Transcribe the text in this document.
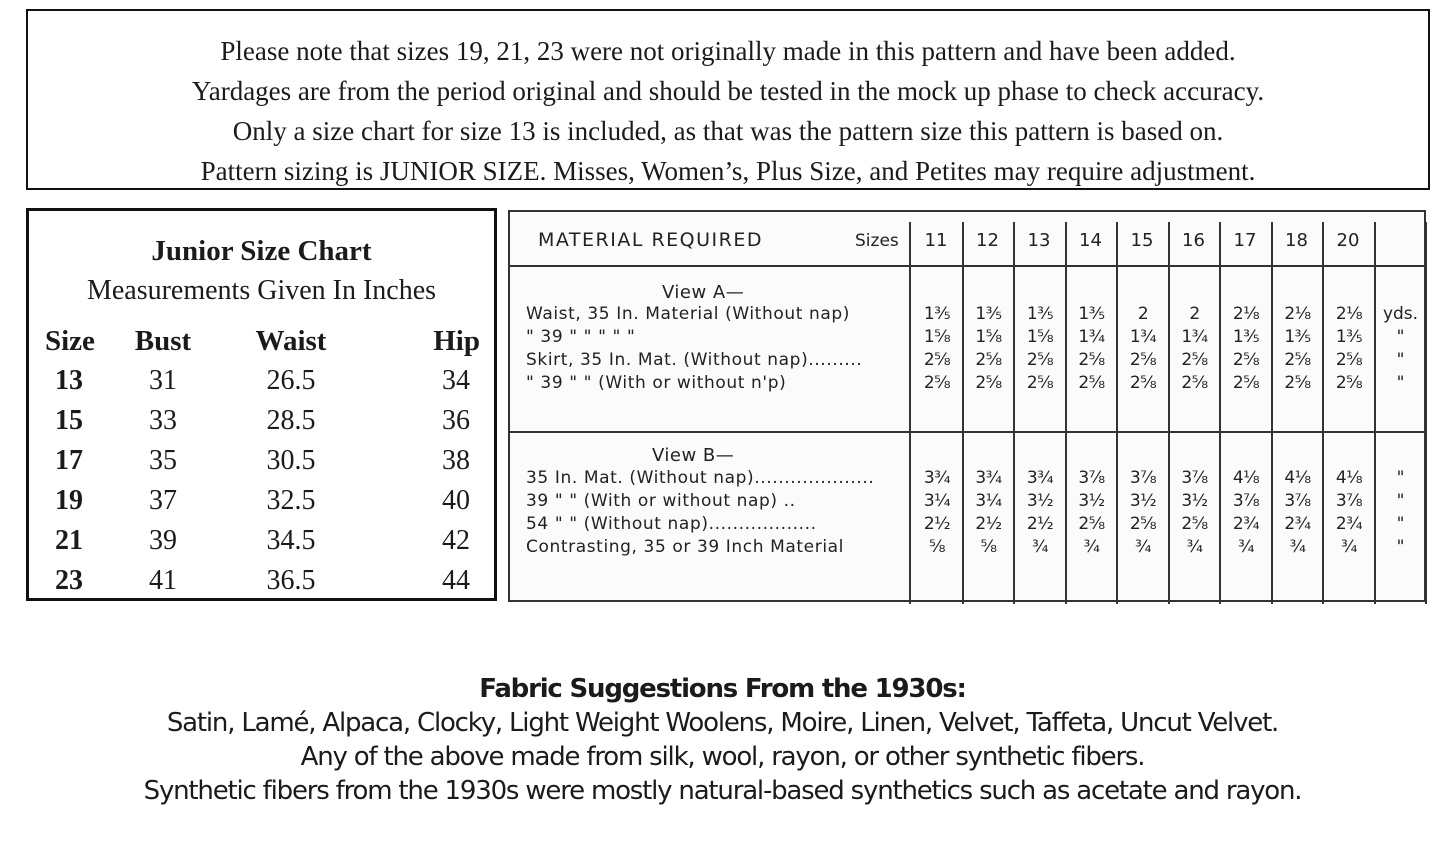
Please note that sizes 19, 21, 23 were not originally made in this pattern and have been added.
Yardages are from the period original and should be tested in the mock up phase to check accuracy.
Only a size chart for size 13 is included, as that was the pattern size this pattern is based on.
Pattern sizing is JUNIOR SIZE. Misses, Women’s, Plus Size, and Petites may require adjustment.
Junior Size Chart
Measurements Given In Inches
Size	Bust	Waist	Hip
13	31	26.5	34
15	33	28.5	36
17	35	30.5	38
19	37	32.5	40
21	39	34.5	42
23	41	36.5	44
MATERIAL REQUIRED	Sizes
View A—
View B—
11	12	13	14	15	16	17	18	20
Waist, 35 In. Material (Without nap)	1⅗	1⅗	1⅗	1⅗	2	2	2⅛	2⅛	2⅛	yds.
" 39 " " " " "	1⅝	1⅝	1⅝	1¾	1¾	1¾	1⅗	1⅗	1⅗	"
Skirt, 35 In. Mat. (Without nap).........	2⅝	2⅝	2⅝	2⅝	2⅝	2⅝	2⅝	2⅝	2⅝	"
" 39 " " (With or without n'p)	2⅝	2⅝	2⅝	2⅝	2⅝	2⅝	2⅝	2⅝	2⅝	"
35 In. Mat. (Without nap)....................	3¾	3¾	3¾	3⅞	3⅞	3⅞	4⅛	4⅛	4⅛	"
39 " " (With or without nap) ..	3¼	3¼	3½	3½	3½	3½	3⅞	3⅞	3⅞	"
54 " " (Without nap)..................	2½	2½	2½	2⅝	2⅝	2⅝	2¾	2¾	2¾	"
Contrasting, 35 or 39 Inch Material	⅝	⅝	¾	¾	¾	¾	¾	¾	¾	"
Fabric Suggestions From the 1930s:
Satin, Lamé, Alpaca, Clocky, Light Weight Woolens, Moire, Linen, Velvet, Taffeta, Uncut Velvet.
Any of the above made from silk, wool, rayon, or other synthetic fibers.
Synthetic fibers from the 1930s were mostly natural-based synthetics such as acetate and rayon.
